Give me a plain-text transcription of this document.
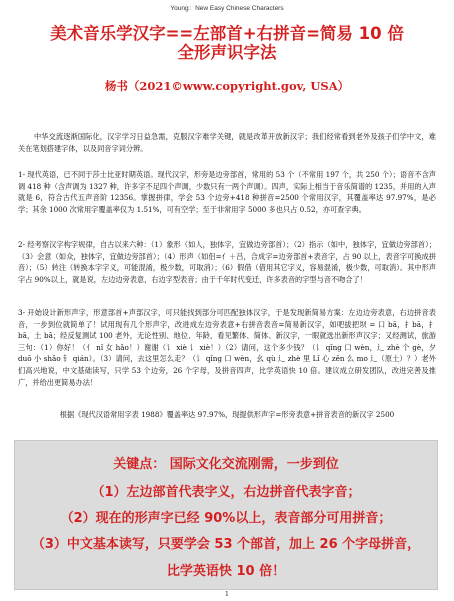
Young：New Easy Chinese Characters
美术音乐学汉字==左部首+右拼音=简易 10 倍
全形声识字法
杨书（2021©www.copyright.gov, USA）
中华交流逐渐国际化，汉字学习日益急需，克服汉字难学关键，就是改革开放新汉字；我们经常看到老外及孩子们学中文，难关在笔划搭建字体，以及同音字词分辨。
1- 现代英语，已不同于莎士比亚时期英语。现代汉字，形旁是边旁部首，常用的 53 个（不常用 197 个，共 250 个）；语音不含声调 418 种（含声调为 1327 种，许多字不足四个声调，少数只有一两个声调）。四声，实际上相当于音乐简谱的 1235，并用的入声就是 6，符合古代五声音阶 12356。掌握拼律，学会 53 个边旁+418 种拼音=2500 个常用汉字，其覆盖率达 97.97%，是必学；其余 1000 次常用字覆盖率仅为 1.51%，可有空学；至于非常用字 5000 多也只占 0.52，亦可查字典。
2- 经考察汉字构字规律，自古以来六种：（1）象形（如人，独体字，宜做边旁部首）；（2）指示（如中，独体字，宜做边旁部首）；（3）会意（如众，独体字，宜做边旁部首）；（4）形声（如侣=亻＋吕，合成字=边旁部首+表音字，占 90 以上，表音字可换成拼音）；（5）转注（转换本字字义，可能混淆，极少数，可取消）；（6）假借（借用其它字义，容易混淆，极少数，可取消）。其中形声字占 90%以上，就是说，左边边旁表意，右边字型表音；由于千年时代变迁，许多表音的字型与音不吻合了！
3- 开始设计新形声字，形意部首+声部汉字，可只能找到部分可匹配独体汉字，于是发现新简易方案：左边边旁表意，右边拼音表音，一步到位就简单了！试用现有几个形声字，改进成左边旁表意+右拼音表音=简易新汉字，如吧拔把坝 = 口 bā，扌bā，扌bā，土 bā；经反复测试 100 老外，无论性别、地位、年龄，看见繁体、简体、新汉字，一眼就选出新形声汉字；又经测试，旅游三句：（1）你好！（亻 nǐ 女 hǎo！）谢谢（讠 xiè 讠 xiè！）（2）请问，这个多少钱？（讠 qǐng 口 wèn，辶 zhè 个 gè，夕 duō 小 shǎo 钅 qián）。（3）请问，去这里怎么走？（讠 qǐng 口 wèn，幺 qù 辶 zhè 里 Lǐ 心 zěn 么 mo 辶（原土）？）老外们高兴地说，中文基础读写，只学 53 个边旁，26 个字母，及拼音四声，比学英语快 10 倍。建议成立研发团队，改进完善及推广，并给出更简易办法！
根据《现代汉语常用字表 1988》覆盖率达 97.97%，现提供形声字=形旁表意+拼音表音的新汉字 2500
关键点： 国际文化交流刚需，一步到位
（1）左边部首代表字义，右边拼音代表字音；
（2）现在的形声字已经 90%以上，表音部分可用拼音；
（3）中文基本读写，只要学会 53 个部首，加上 26 个字母拼音，
比学英语快 10 倍！
1
